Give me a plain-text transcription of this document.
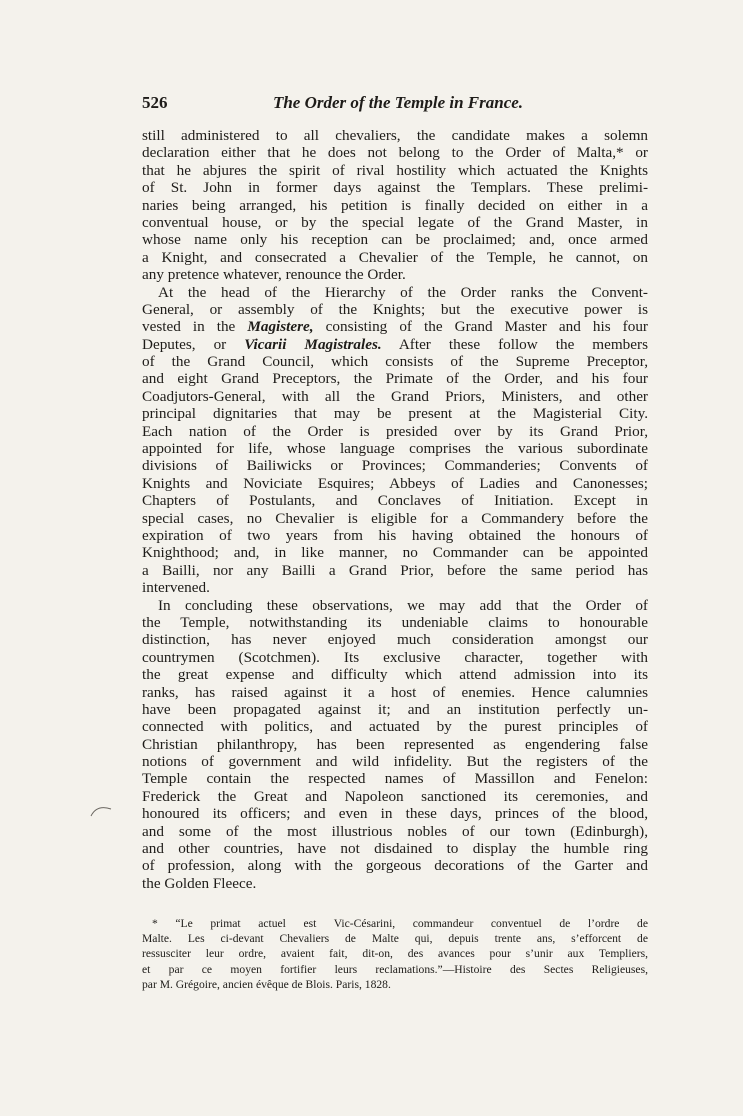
526	The Order of the Temple in France.
still administered to all chevaliers, the candidate makes a solemn
declaration either that he does not belong to the Order of Malta,* or
that he abjures the spirit of rival hostility which actuated the Knights
of St. John in former days against the Templars. These prelimi-
naries being arranged, his petition is finally decided on either in a
conventual house, or by the special legate of the Grand Master, in
whose name only his reception can be proclaimed; and, once armed
a Knight, and consecrated a Chevalier of the Temple, he cannot, on
any pretence whatever, renounce the Order.
At the head of the Hierarchy of the Order ranks the Convent-
General, or assembly of the Knights; but the executive power is
vested in the Magistere, consisting of the Grand Master and his four
Deputes, or Vicarii Magistrales. After these follow the members
of the Grand Council, which consists of the Supreme Preceptor,
and eight Grand Preceptors, the Primate of the Order, and his four
Coadjutors-General, with all the Grand Priors, Ministers, and other
principal dignitaries that may be present at the Magisterial City.
Each nation of the Order is presided over by its Grand Prior,
appointed for life, whose language comprises the various subordinate
divisions of Bailiwicks or Provinces; Commanderies; Convents of
Knights and Noviciate Esquires; Abbeys of Ladies and Canonesses;
Chapters of Postulants, and Conclaves of Initiation. Except in
special cases, no Chevalier is eligible for a Commandery before the
expiration of two years from his having obtained the honours of
Knighthood; and, in like manner, no Commander can be appointed
a Bailli, nor any Bailli a Grand Prior, before the same period has
intervened.
In concluding these observations, we may add that the Order of
the Temple, notwithstanding its undeniable claims to honourable
distinction, has never enjoyed much consideration amongst our
countrymen (Scotchmen). Its exclusive character, together with
the great expense and difficulty which attend admission into its
ranks, has raised against it a host of enemies. Hence calumnies
have been propagated against it; and an institution perfectly un-
connected with politics, and actuated by the purest principles of
Christian philanthropy, has been represented as engendering false
notions of government and wild infidelity. But the registers of the
Temple contain the respected names of Massillon and Fenelon:
Frederick the Great and Napoleon sanctioned its ceremonies, and
honoured its officers; and even in these days, princes of the blood,
and some of the most illustrious nobles of our town (Edinburgh),
and other countries, have not disdained to display the humble ring
of profession, along with the gorgeous decorations of the Garter and
the Golden Fleece.
* “Le primat actuel est Vic-Césarini, commandeur conventuel de l’ordre de
Malte. Les ci-devant Chevaliers de Malte qui, depuis trente ans, s’efforcent de
ressusciter leur ordre, avaient fait, dit-on, des avances pour s’unir aux Templiers,
et par ce moyen fortifier leurs reclamations.”—Histoire des Sectes Religieuses,
par M. Grégoire, ancien évêque de Blois. Paris, 1828.
